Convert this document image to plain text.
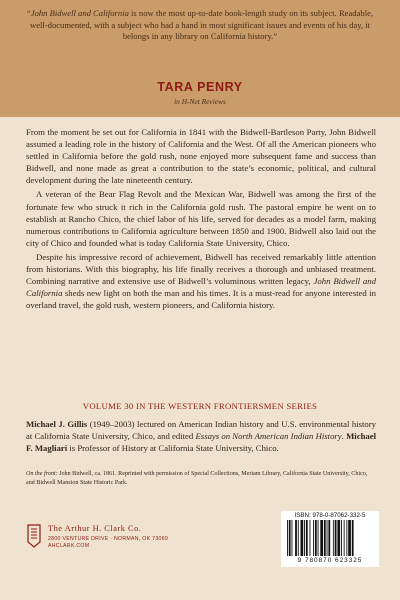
“John Bidwell and California is now the most up-to-date book-length study on its subject. Readable, well-documented, with a subject who had a hand in most significant issues and events of his day, it belongs in any library on California history.”
TARA PENRY
in H-Net Reviews

From the moment he set out for California in 1841 with the Bidwell-Bartleson Party, John Bidwell assumed a leading role in the history of California and the West. Of all the American pioneers who settled in California before the gold rush, none enjoyed more subsequent fame and success than Bidwell, and none made as great a contribution to the state’s economic, political, and cultural development during the late nineteenth century.

A veteran of the Bear Flag Revolt and the Mexican War, Bidwell was among the first of the fortunate few who struck it rich in the California gold rush. The pastoral empire he went on to establish at Rancho Chico, the chief labor of his life, served for decades as a model farm, making numerous contributions to California agriculture between 1850 and 1900. Bidwell also laid out the city of Chico and founded what is today California State University, Chico.

Despite his impressive record of achievement, Bidwell has received remarkably little attention from historians. With this biography, his life finally receives a thorough and unbiased treatment. Combining narrative and extensive use of Bidwell’s voluminous written legacy, John Bidwell and California sheds new light on both the man and his times. It is a must-read for anyone interested in overland travel, the gold rush, western pioneers, and California history.

VOLUME 30 IN THE WESTERN FRONTIERSMEN SERIES
Michael J. Gillis (1949–2003) lectured on American Indian history and U.S. environmental history at California State University, Chico, and edited Essays on North American Indian History. Michael F. Magliari is Professor of History at California State University, Chico.
On the front: John Bidwell, ca. 1861. Reprinted with permission of Special Collections, Meriam Library, California State University, Chico, and Bidwell Mansion State Historic Park.
The Arthur H. Clark Co.
2800 VENTURE DRIVE · NORMAN, OK 73069
AHCLARK.COM
ISBN: 978-0-87062-332-5
9 780870 623325
